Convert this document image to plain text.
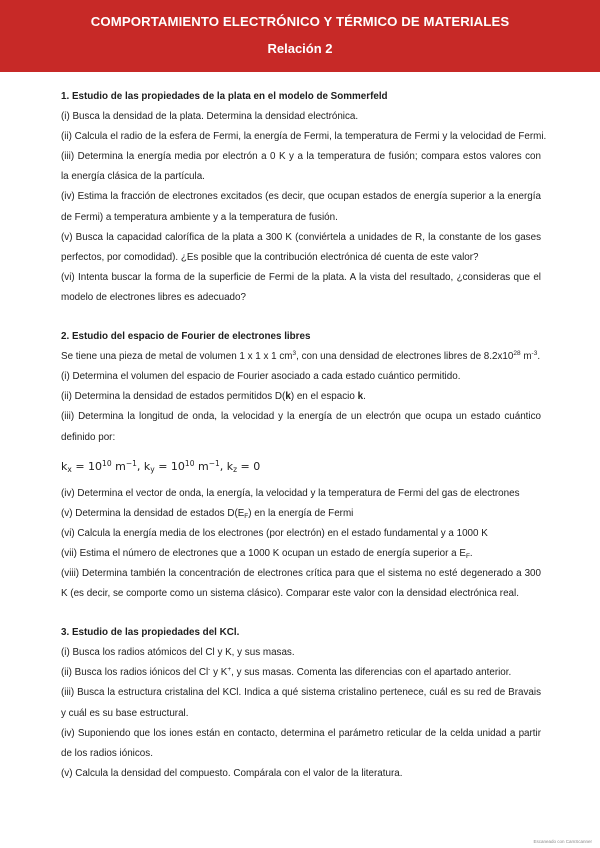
COMPORTAMIENTO ELECTRÓNICO Y TÉRMICO DE MATERIALES
Relación 2
1. Estudio de las propiedades de la plata en el modelo de Sommerfeld
(i) Busca la densidad de la plata. Determina la densidad electrónica.
(ii) Calcula el radio de la esfera de Fermi, la energía de Fermi, la temperatura de Fermi y la velocidad de Fermi.
(iii) Determina la energía media por electrón a 0 K y a la temperatura de fusión; compara estos valores con
la energía clásica de la partícula.
(iv) Estima la fracción de electrones excitados (es decir, que ocupan estados de energía superior a la energía
de Fermi) a temperatura ambiente y a la temperatura de fusión.
(v) Busca la capacidad calorífica de la plata a 300 K (conviértela a unidades de R, la constante de los gases
perfectos, por comodidad). ¿Es posible que la contribución electrónica dé cuenta de este valor?
(vi) Intenta buscar la forma de la superficie de Fermi de la plata. A la vista del resultado, ¿consideras que el
modelo de electrones libres es adecuado?
2. Estudio del espacio de Fourier de electrones libres
Se tiene una pieza de metal de volumen 1 x 1 x 1 $cm^3$, con una densidad de electrones libres de $8.2x10^{28}$ $m^{-3}$.
(i) Determina el volumen del espacio de Fourier asociado a cada estado cuántico permitido.
(ii) Determina la densidad de estados permitidos D(k) en el espacio k.
(iii) Determina la longitud de onda, la velocidad y la energía de un electrón que ocupa un estado cuántico
definido por:
$k_x = 10^{10}$ $m^{-1}$, $k_y = 10^{10}$ $m^{-1}$, $k_z = 0$
(iv) Determina el vector de onda, la energía, la velocidad y la temperatura de Fermi del gas de electrones
(v) Determina la densidad de estados $D(E_F)$ en la energía de Fermi
(vi) Calcula la energía media de los electrones (por electrón) en el estado fundamental y a 1000 K
(vii) Estima el número de electrones que a 1000 K ocupan un estado de energía superior a $E_F$.
(viii) Determina también la concentración de electrones crítica para que el sistema no esté degenerado a 300
K (es decir, se comporte como un sistema clásico). Comparar este valor con la densidad electrónica real.
3. Estudio de las propiedades del KCl.
(i) Busca los radios atómicos del Cl y K, y sus masas.
(ii) Busca los radios iónicos del Cl- y K+, y sus masas. Comenta las diferencias con el apartado anterior.
(iii) Busca la estructura cristalina del KCl. Indica a qué sistema cristalino pertenece, cuál es su red de Bravais
y cuál es su base estructural.
(iv) Suponiendo que los iones están en contacto, determina el parámetro reticular de la celda unidad a partir
de los radios iónicos.
(v) Calcula la densidad del compuesto. Compárala con el valor de la literatura.
Escaneado con CamScanner
